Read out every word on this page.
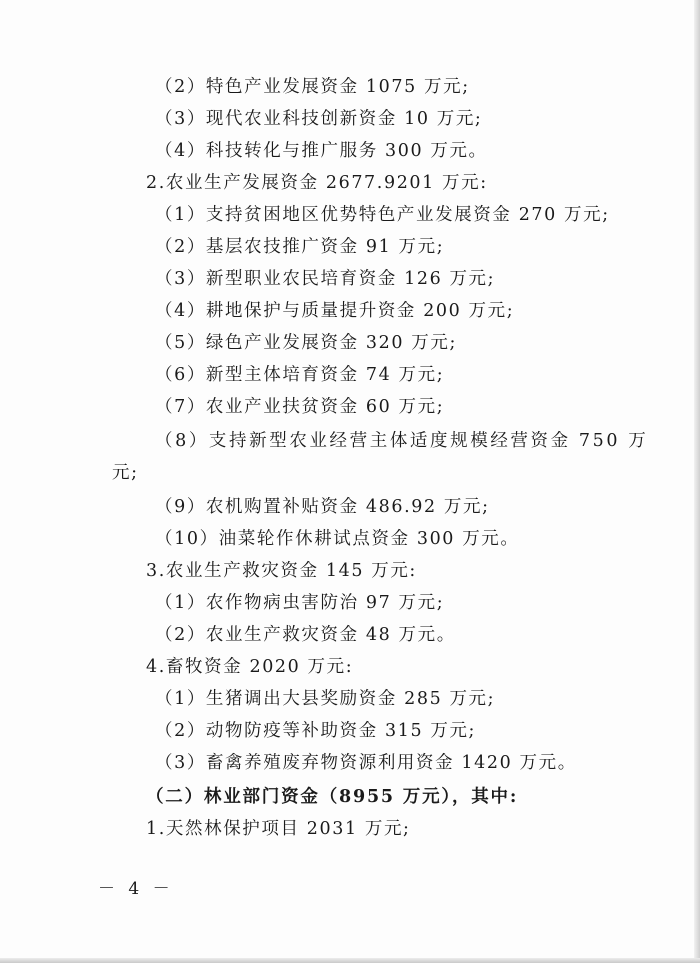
（2）特色产业发展资金 1075 万元;
（3）现代农业科技创新资金 10 万元;
（4）科技转化与推广服务 300 万元。
2.农业生产发展资金 2677.9201 万元:
（1）支持贫困地区优势特色产业发展资金 270 万元;
（2）基层农技推广资金 91 万元;
（3）新型职业农民培育资金 126 万元;
（4）耕地保护与质量提升资金 200 万元;
（5）绿色产业发展资金 320 万元;
（6）新型主体培育资金 74 万元;
（7）农业产业扶贫资金 60 万元;
（8）支持新型农业经营主体适度规模经营资金 750 万
元;
（9）农机购置补贴资金 486.92 万元;
（10）油菜轮作休耕试点资金 300 万元。
3.农业生产救灾资金 145 万元:
（1）农作物病虫害防治 97 万元;
（2）农业生产救灾资金 48 万元。
4.畜牧资金 2020 万元:
（1）生猪调出大县奖励资金 285 万元;
（2）动物防疫等补助资金 315 万元;
（3）畜禽养殖废弃物资源利用资金 1420 万元。
（二）林业部门资金（8955 万元），其中:
1.天然林保护项目 2031 万元;
－ 4 －
